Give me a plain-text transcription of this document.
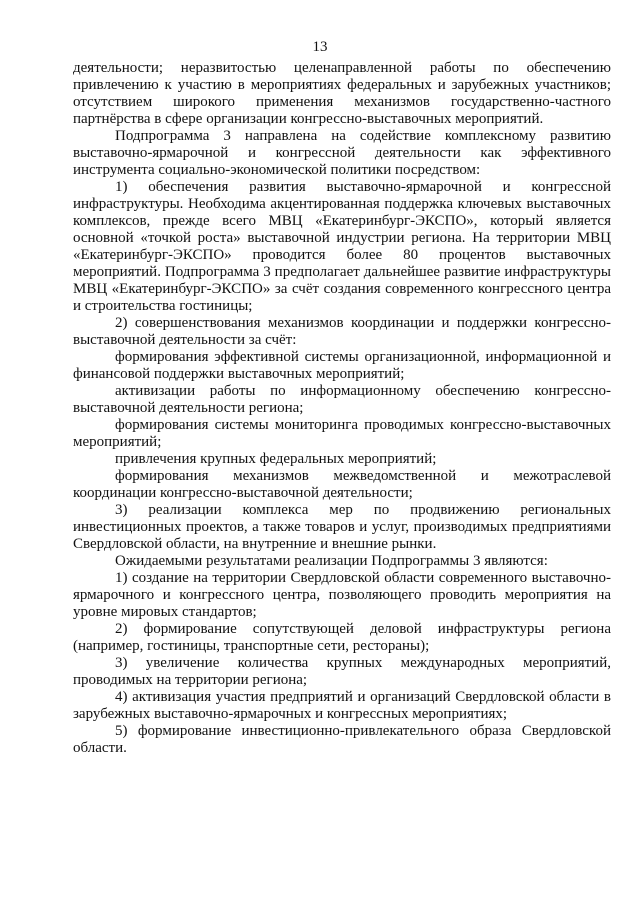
13

деятельности; неразвитостью целенаправленной работы по обеспечению привлечению к участию в мероприятиях федеральных и зарубежных участников; отсутствием широкого применения механизмов государственно-частного партнёрства в сфере организации конгрессно-выставочных мероприятий.

Подпрограмма 3 направлена на содействие комплексному развитию выставочно-ярмарочной и конгрессной деятельности как эффективного инструмента социально-экономической политики посредством:

1) обеспечения развития выставочно-ярмарочной и конгрессной инфраструктуры. Необходима акцентированная поддержка ключевых выставочных комплексов, прежде всего МВЦ «Екатеринбург-ЭКСПО», который является основной «точкой роста» выставочной индустрии региона. На территории МВЦ «Екатеринбург-ЭКСПО» проводится более 80 процентов выставочных мероприятий. Подпрограмма 3 предполагает дальнейшее развитие инфраструктуры МВЦ «Екатеринбург-ЭКСПО» за счёт создания современного конгрессного центра и строительства гостиницы;

2) совершенствования механизмов координации и поддержки конгрессно-выставочной деятельности за счёт:

формирования эффективной системы организационной, информационной и финансовой поддержки выставочных мероприятий;

активизации работы по информационному обеспечению конгрессно-выставочной деятельности региона;

формирования системы мониторинга проводимых конгрессно-выставочных мероприятий;

привлечения крупных федеральных мероприятий;

формирования механизмов межведомственной и межотраслевой координации конгрессно-выставочной деятельности;

3) реализации комплекса мер по продвижению региональных инвестиционных проектов, а также товаров и услуг, производимых предприятиями Свердловской области, на внутренние и внешние рынки.

Ожидаемыми результатами реализации Подпрограммы 3 являются:

1) создание на территории Свердловской области современного выставочно-ярмарочного и конгрессного центра, позволяющего проводить мероприятия на уровне мировых стандартов;

2) формирование сопутствующей деловой инфраструктуры региона (например, гостиницы, транспортные сети, рестораны);

3) увеличение количества крупных международных мероприятий, проводимых на территории региона;

4) активизация участия предприятий и организаций Свердловской области в зарубежных выставочно-ярмарочных и конгрессных мероприятиях;

5) формирование инвестиционно-привлекательного образа Свердловской области.
